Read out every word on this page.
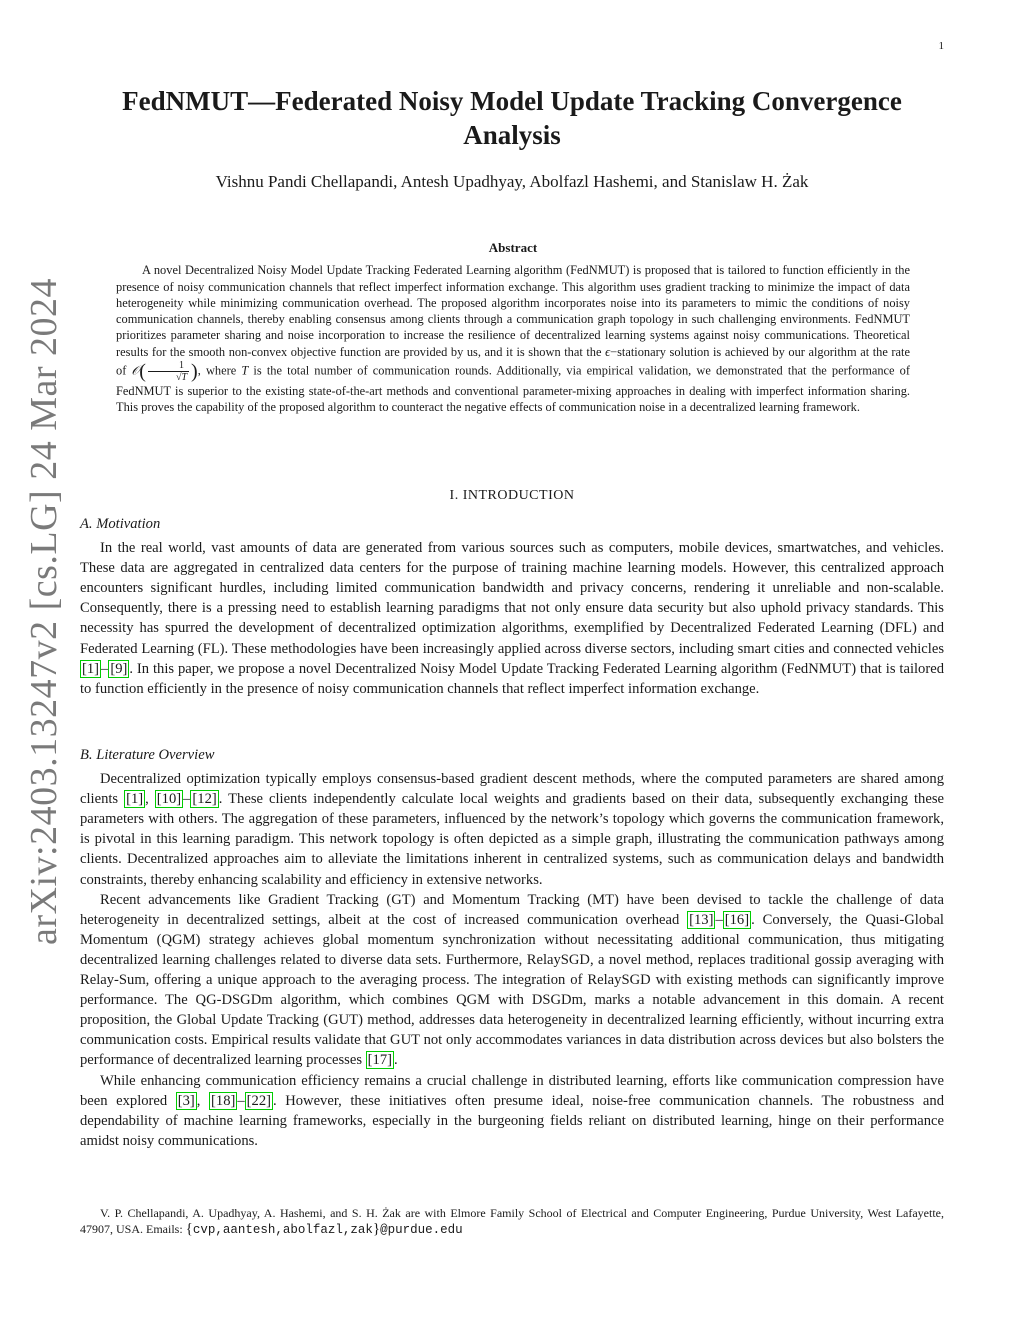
1
arXiv:2403.13247v2 [cs.LG] 24 Mar 2024
FedNMUT—Federated Noisy Model Update Tracking Convergence Analysis
Vishnu Pandi Chellapandi, Antesh Upadhyay, Abolfazl Hashemi, and Stanislaw H. Żak
Abstract

A novel Decentralized Noisy Model Update Tracking Federated Learning algorithm (FedNMUT) is proposed that is tailored to function efficiently in the presence of noisy communication channels that reflect imperfect information exchange. This algorithm uses gradient tracking to minimize the impact of data heterogeneity while minimizing communication overhead. The proposed algorithm incorporates noise into its parameters to mimic the conditions of noisy communication channels, thereby enabling consensus among clients through a communication graph topology in such challenging environments. FedNMUT prioritizes parameter sharing and noise incorporation to increase the resilience of decentralized learning systems against noisy communications. Theoretical results for the smooth non-convex objective function are provided by us, and it is shown that the ϵ−stationary solution is achieved by our algorithm at the rate of 𝒪( $\frac{1}{√T}$ ), where T is the total number of communication rounds. Additionally, via empirical validation, we demonstrated that the performance of FedNMUT is superior to the existing state-of-the-art methods and conventional parameter-mixing approaches in dealing with imperfect information sharing. This proves the capability of the proposed algorithm to counteract the negative effects of communication noise in a decentralized learning framework.

I. INTRODUCTION

A. Motivation

In the real world, vast amounts of data are generated from various sources such as computers, mobile devices, smartwatches, and vehicles. These data are aggregated in centralized data centers for the purpose of training machine learning models. However, this centralized approach encounters significant hurdles, including limited communication bandwidth and privacy concerns, rendering it unreliable and non-scalable. Consequently, there is a pressing need to establish learning paradigms that not only ensure data security but also uphold privacy standards. This necessity has spurred the development of decentralized optimization algorithms, exemplified by Decentralized Federated Learning (DFL) and Federated Learning (FL). These methodologies have been increasingly applied across diverse sectors, including smart cities and connected vehicles [1] – [9] . In this paper, we propose a novel Decentralized Noisy Model Update Tracking Federated Learning algorithm (FedNMUT) that is tailored to function efficiently in the presence of noisy communication channels that reflect imperfect information exchange.

B. Literature Overview

Decentralized optimization typically employs consensus-based gradient descent methods, where the computed parameters are shared among clients [1] , [10] – [12] . These clients independently calculate local weights and gradients based on their data, subsequently exchanging these parameters with others. The aggregation of these parameters, influenced by the network’s topology which governs the communication framework, is pivotal in this learning paradigm. This network topology is often depicted as a simple graph, illustrating the communication pathways among clients. Decentralized approaches aim to alleviate the limitations inherent in centralized systems, such as communication delays and bandwidth constraints, thereby enhancing scalability and efficiency in extensive networks.

Recent advancements like Gradient Tracking (GT) and Momentum Tracking (MT) have been devised to tackle the challenge of data heterogeneity in decentralized settings, albeit at the cost of increased communication overhead [13] – [16] . Conversely, the Quasi-Global Momentum (QGM) strategy achieves global momentum synchronization without necessitating additional communication, thus mitigating decentralized learning challenges related to diverse data sets. Furthermore, RelaySGD, a novel method, replaces traditional gossip averaging with Relay-Sum, offering a unique approach to the averaging process. The integration of RelaySGD with existing methods can significantly improve performance. The QG-DSGDm algorithm, which combines QGM with DSGDm, marks a notable advancement in this domain. A recent proposition, the Global Update Tracking (GUT) method, addresses data heterogeneity in decentralized learning efficiently, without incurring extra communication costs. Empirical results validate that GUT not only accommodates variances in data distribution across devices but also bolsters the performance of decentralized learning processes [17] .

While enhancing communication efficiency remains a crucial challenge in distributed learning, efforts like communication compression have been explored [3] , [18] – [22] . However, these initiatives often presume ideal, noise-free communication channels. The robustness and dependability of machine learning frameworks, especially in the burgeoning fields reliant on distributed learning, hinge on their performance amidst noisy communications.

V. P. Chellapandi, A. Upadhyay, A. Hashemi, and S. H. Żak are with Elmore Family School of Electrical and Computer Engineering, Purdue University, West Lafayette, 47907, USA. Emails: {cvp,aantesh,abolfazl,zak}@purdue.edu
